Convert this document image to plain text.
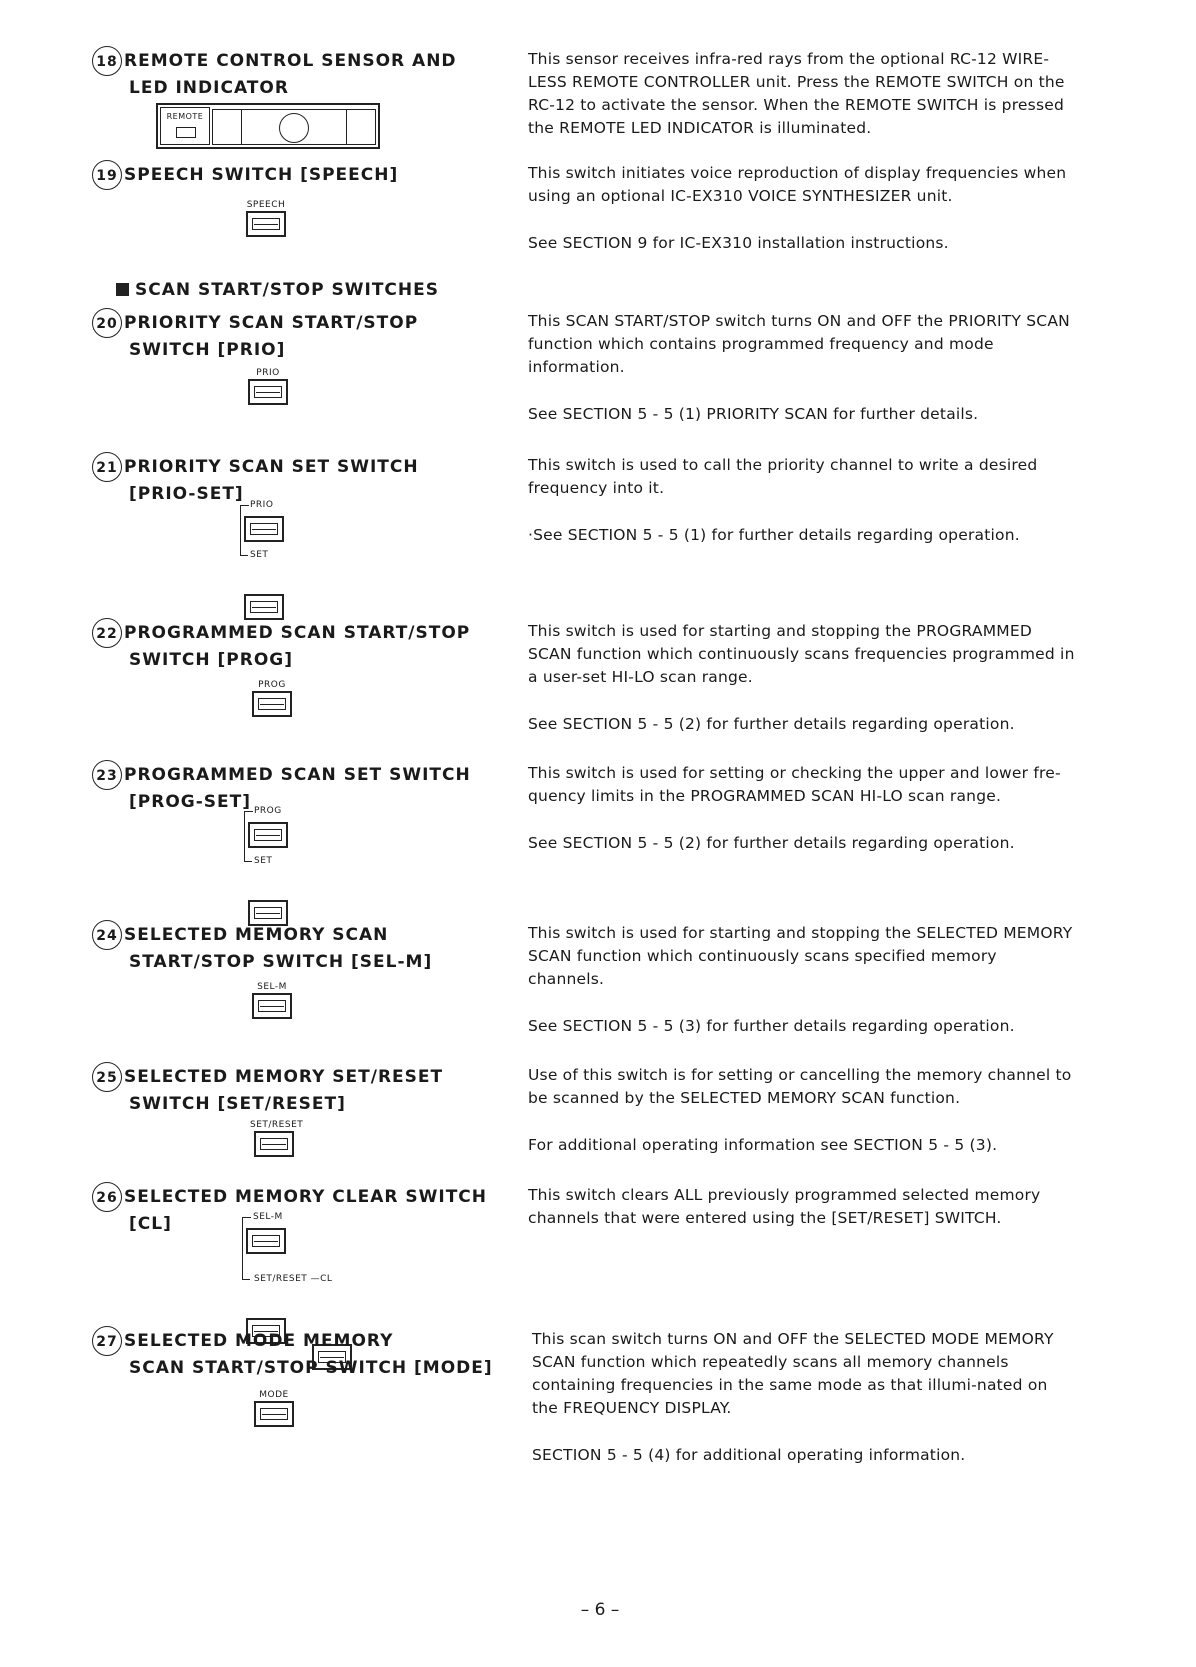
18 REMOTE CONTROL SENSOR AND
LED INDICATOR
REMOTE

This sensor receives infra-red rays from the optional RC-12 WIRE-LESS REMOTE CONTROLLER unit. Press the REMOTE SWITCH on the RC-12 to activate the sensor. When the REMOTE SWITCH is pressed the REMOTE LED INDICATOR is illuminated.

19 SPEECH SWITCH [SPEECH]
SPEECH

This switch initiates voice reproduction of display frequencies when using an optional IC-EX310 VOICE SYNTHESIZER unit.

See SECTION 9 for IC-EX310 installation instructions.

SCAN START/STOP SWITCHES
20 PRIORITY SCAN START/STOP
SWITCH [PRIO]
PRIO

This SCAN START/STOP switch turns ON and OFF the PRIORITY SCAN function which contains programmed frequency and mode information.

See SECTION 5 - 5 (1) PRIORITY SCAN for further details.

21 PRIORITY SCAN SET SWITCH
[PRIO-SET]
PRIO
SET

This switch is used to call the priority channel to write a desired frequency into it.

·See SECTION 5 - 5 (1) for further details regarding operation.

22 PROGRAMMED SCAN START/STOP
SWITCH [PROG]
PROG

This switch is used for starting and stopping the PROGRAMMED SCAN function which continuously scans frequencies programmed in a user-set HI-LO scan range.

See SECTION 5 - 5 (2) for further details regarding operation.

23 PROGRAMMED SCAN SET SWITCH
[PROG-SET] PROG
SET

This switch is used for setting or checking the upper and lower fre-quency limits in the PROGRAMMED SCAN HI-LO scan range.

See SECTION 5 - 5 (2) for further details regarding operation.

24 SELECTED MEMORY SCAN
START/STOP SWITCH [SEL-M]
SEL-M

This switch is used for starting and stopping the SELECTED MEMORY SCAN function which continuously scans specified memory channels.

See SECTION 5 - 5 (3) for further details regarding operation.

25 SELECTED MEMORY SET/RESET
SWITCH [SET/RESET]
SET/RESET

Use of this switch is for setting or cancelling the memory channel to be scanned by the SELECTED MEMORY SCAN function.

For additional operating information see SECTION 5 - 5 (3).

26 SELECTED MEMORY CLEAR SWITCH
[CL]	SEL-M
SET/RESET —CL

This switch clears ALL previously programmed selected memory channels that were entered using the [SET/RESET] SWITCH.

27 SELECTED MODE MEMORY
SCAN START/STOP SWITCH [MODE]
MODE

This scan switch turns ON and OFF the SELECTED MODE MEMORY SCAN function which repeatedly scans all memory channels containing frequencies in the same mode as that illumi-nated on the FREQUENCY DISPLAY.

SECTION 5 - 5 (4) for additional operating information.

– 6 –
